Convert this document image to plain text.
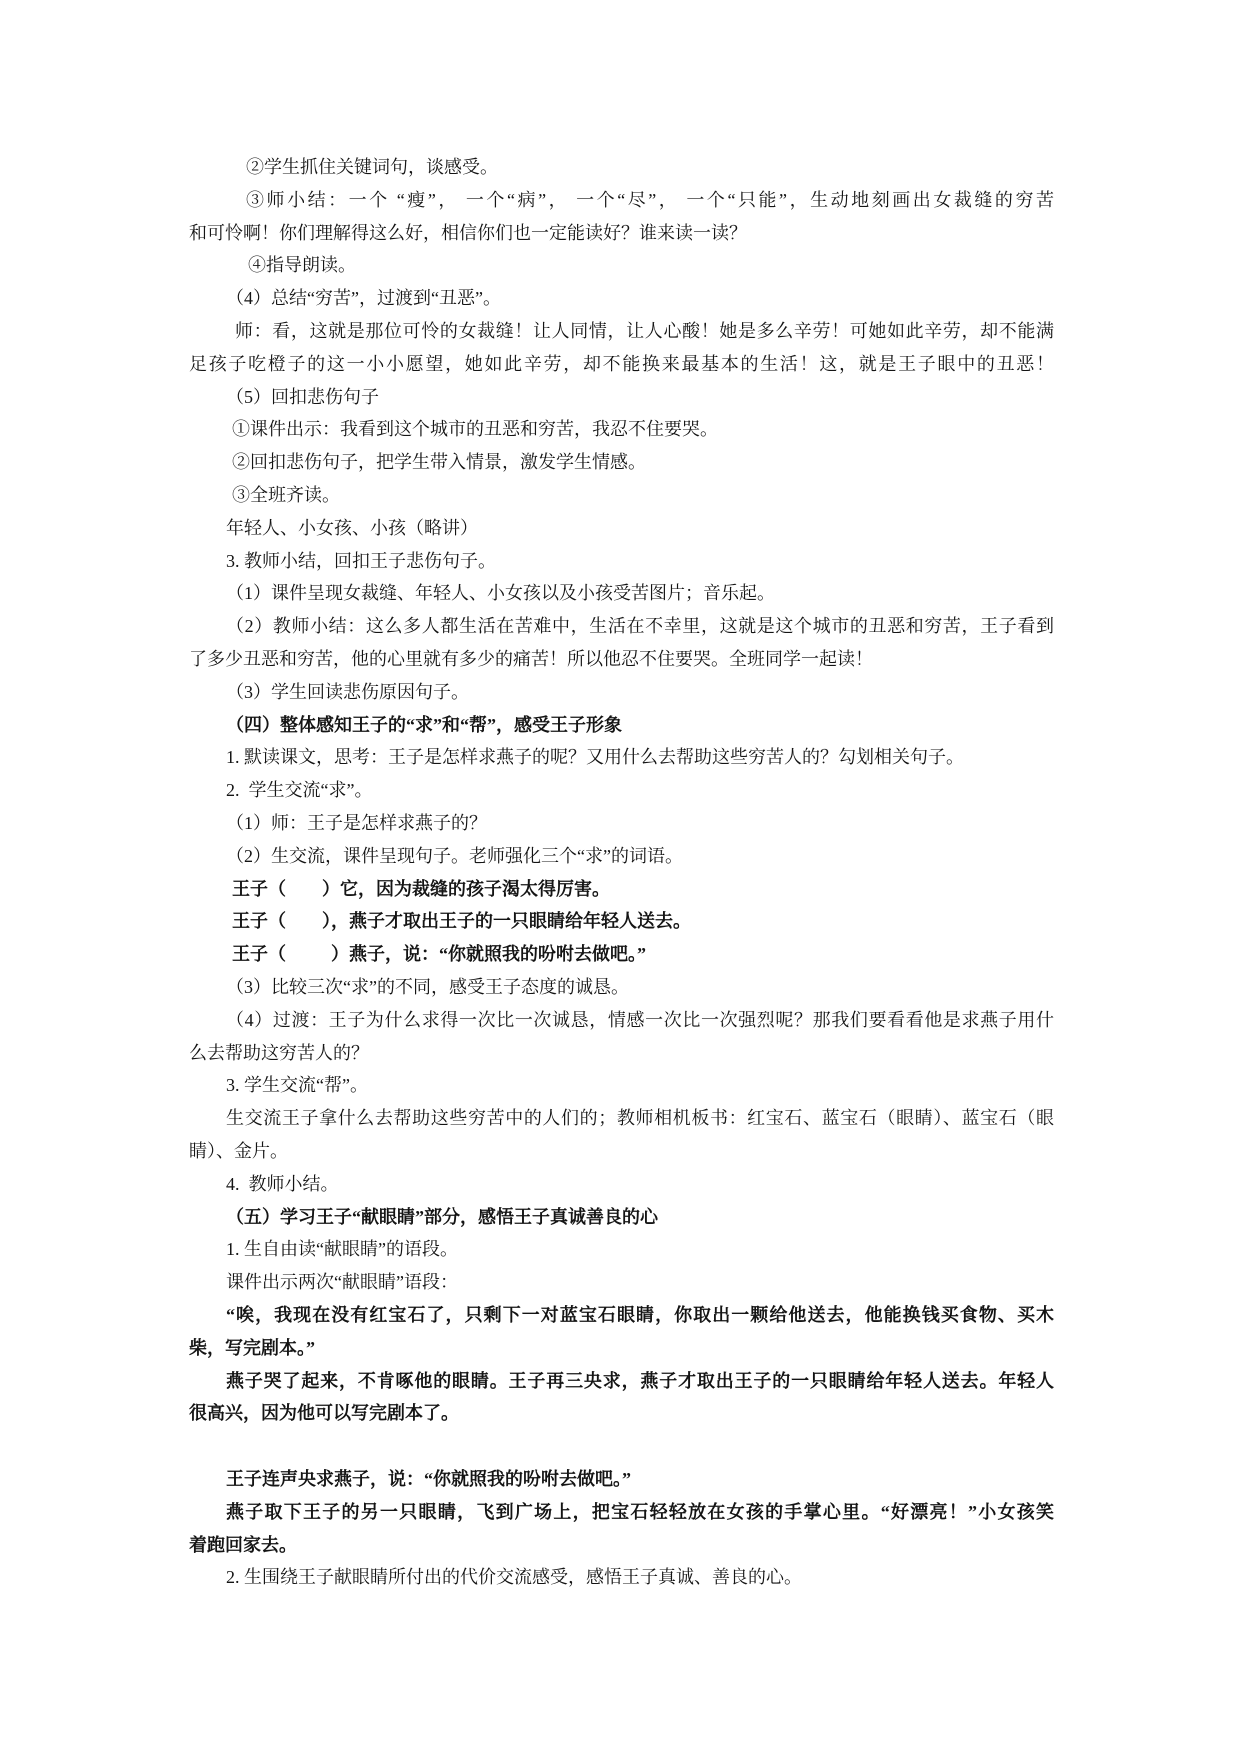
②学生抓住关键词句，谈感受。
③师小结：一个 “瘦”， 一个“病”， 一个“尽”， 一个“只能”，生动地刻画出女裁缝的穷苦
和可怜啊！你们理解得这么好，相信你们也一定能读好？谁来读一读？
④指导朗读。
（4）总结“穷苦”，过渡到“丑恶”。
师：看，这就是那位可怜的女裁缝！让人同情，让人心酸！她是多么辛劳！可她如此辛劳，却不能满
足孩子吃橙子的这一小小愿望，她如此辛劳，却不能换来最基本的生活！这，就是王子眼中的丑恶！
（5）回扣悲伤句子
①课件出示：我看到这个城市的丑恶和穷苦，我忍不住要哭。
②回扣悲伤句子，把学生带入情景，激发学生情感。
③全班齐读。
年轻人、小女孩、小孩（略讲）
3. 教师小结，回扣王子悲伤句子。
（1）课件呈现女裁缝、年轻人、小女孩以及小孩受苦图片；音乐起。
（2）教师小结：这么多人都生活在苦难中，生活在不幸里，这就是这个城市的丑恶和穷苦，王子看到
了多少丑恶和穷苦，他的心里就有多少的痛苦！所以他忍不住要哭。全班同学一起读！
（3）学生回读悲伤原因句子。
（四）整体感知王子的“求”和“帮”，感受王子形象
1. 默读课文，思考：王子是怎样求燕子的呢？又用什么去帮助这些穷苦人的？勾划相关句子。
2.  学生交流“求”。
（1）师：王子是怎样求燕子的？
（2）生交流，课件呈现句子。老师强化三个“求”的词语。
王子（        ）它，因为裁缝的孩子渴太得厉害。
王子（        ），燕子才取出王子的一只眼睛给年轻人送去。
王子（          ）燕子，说：“你就照我的吩咐去做吧。”
（3）比较三次“求”的不同，感受王子态度的诚恳。
（4）过渡：王子为什么求得一次比一次诚恳，情感一次比一次强烈呢？那我们要看看他是求燕子用什
么去帮助这穷苦人的？
3. 学生交流“帮”。
生交流王子拿什么去帮助这些穷苦中的人们的；教师相机板书：红宝石、蓝宝石（眼睛）、蓝宝石（眼
睛）、金片。
4.  教师小结。
（五）学习王子“献眼睛”部分，感悟王子真诚善良的心
1. 生自由读“献眼睛”的语段。
课件出示两次“献眼睛”语段：
“唉，我现在没有红宝石了，只剩下一对蓝宝石眼睛，你取出一颗给他送去，他能换钱买食物、买木
柴，写完剧本。”
燕子哭了起来，不肯啄他的眼睛。王子再三央求，燕子才取出王子的一只眼睛给年轻人送去。年轻人
很高兴，因为他可以写完剧本了。
王子连声央求燕子，说：“你就照我的吩咐去做吧。”
燕子取下王子的另一只眼睛，飞到广场上，把宝石轻轻放在女孩的手掌心里。“好漂亮！”小女孩笑
着跑回家去。
2. 生围绕王子献眼睛所付出的代价交流感受，感悟王子真诚、善良的心。
